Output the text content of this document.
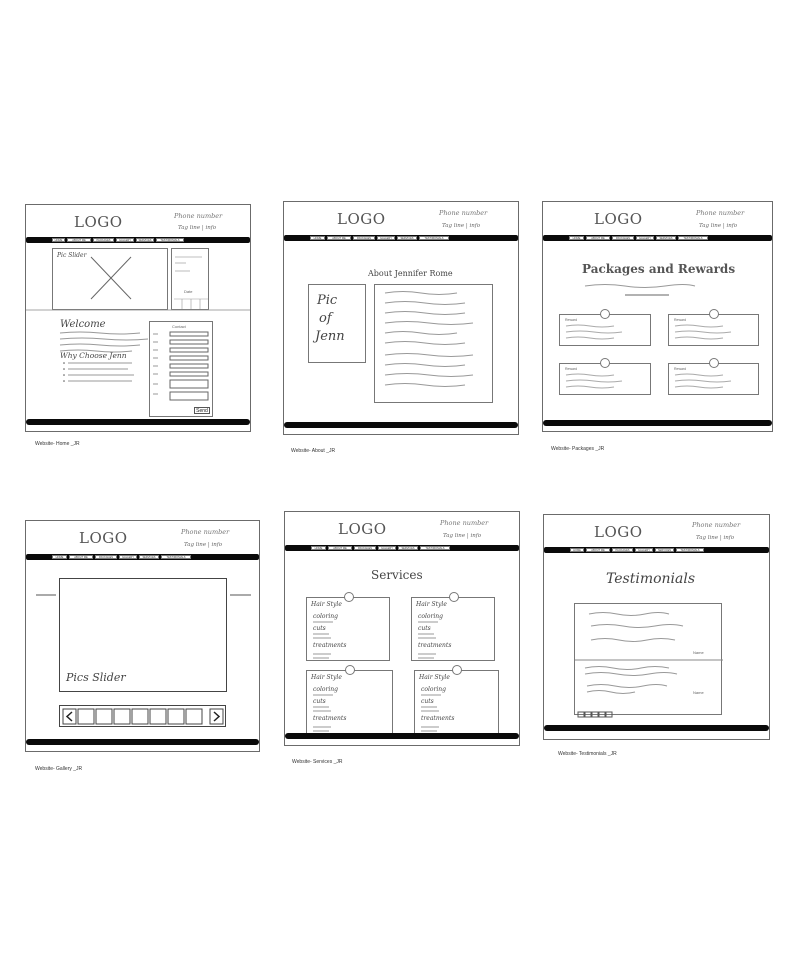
LOGO	Phone number
Tag line | info
HOME	ABOUT ME	PACKAGES	GALLERY	SERVICES	TESTIMONIALS
Pic Slider
Date
Welcome
Why Choose Jenn
Contact
Send
Website- Home _JR
LOGO	Phone number
Tag line | info
HOME	ABOUT ME	PACKAGES	GALLERY	SERVICES	TESTIMONIALS
About Jennifer Rome
Pic
of
Jenn
Website- About _JR
LOGO	Phone number
Tag line | info
HOME	ABOUT ME	PACKAGES	GALLERY	SERVICES	TESTIMONIALS
Packages and Rewards
Reward	Reward
Reward	Reward
Website- Packages _JR
LOGO	Phone number
Tag line | info
HOME	ABOUT ME	PACKAGES	GALLERY	SERVICES	TESTIMONIALS
Pics Slider
Website- Gallery _JR
LOGO	Phone number
Tag line | info
HOME	ABOUT ME	PACKAGES	GALLERY	SERVICES	TESTIMONIALS
Services
Hair Style
coloring
cuts
treatments
Hair Style
coloring
cuts
treatments
Hair Style
coloring
cuts
treatments
Hair Style
coloring
cuts
treatments
Website- Services _JR
LOGO	Phone number
Tag line | info
HOME	ABOUT ME	PACKAGES	GALLERY	SERVICES	TESTIMONIALS
Testimonials
Name
Name
Website- Testimonials _JR
